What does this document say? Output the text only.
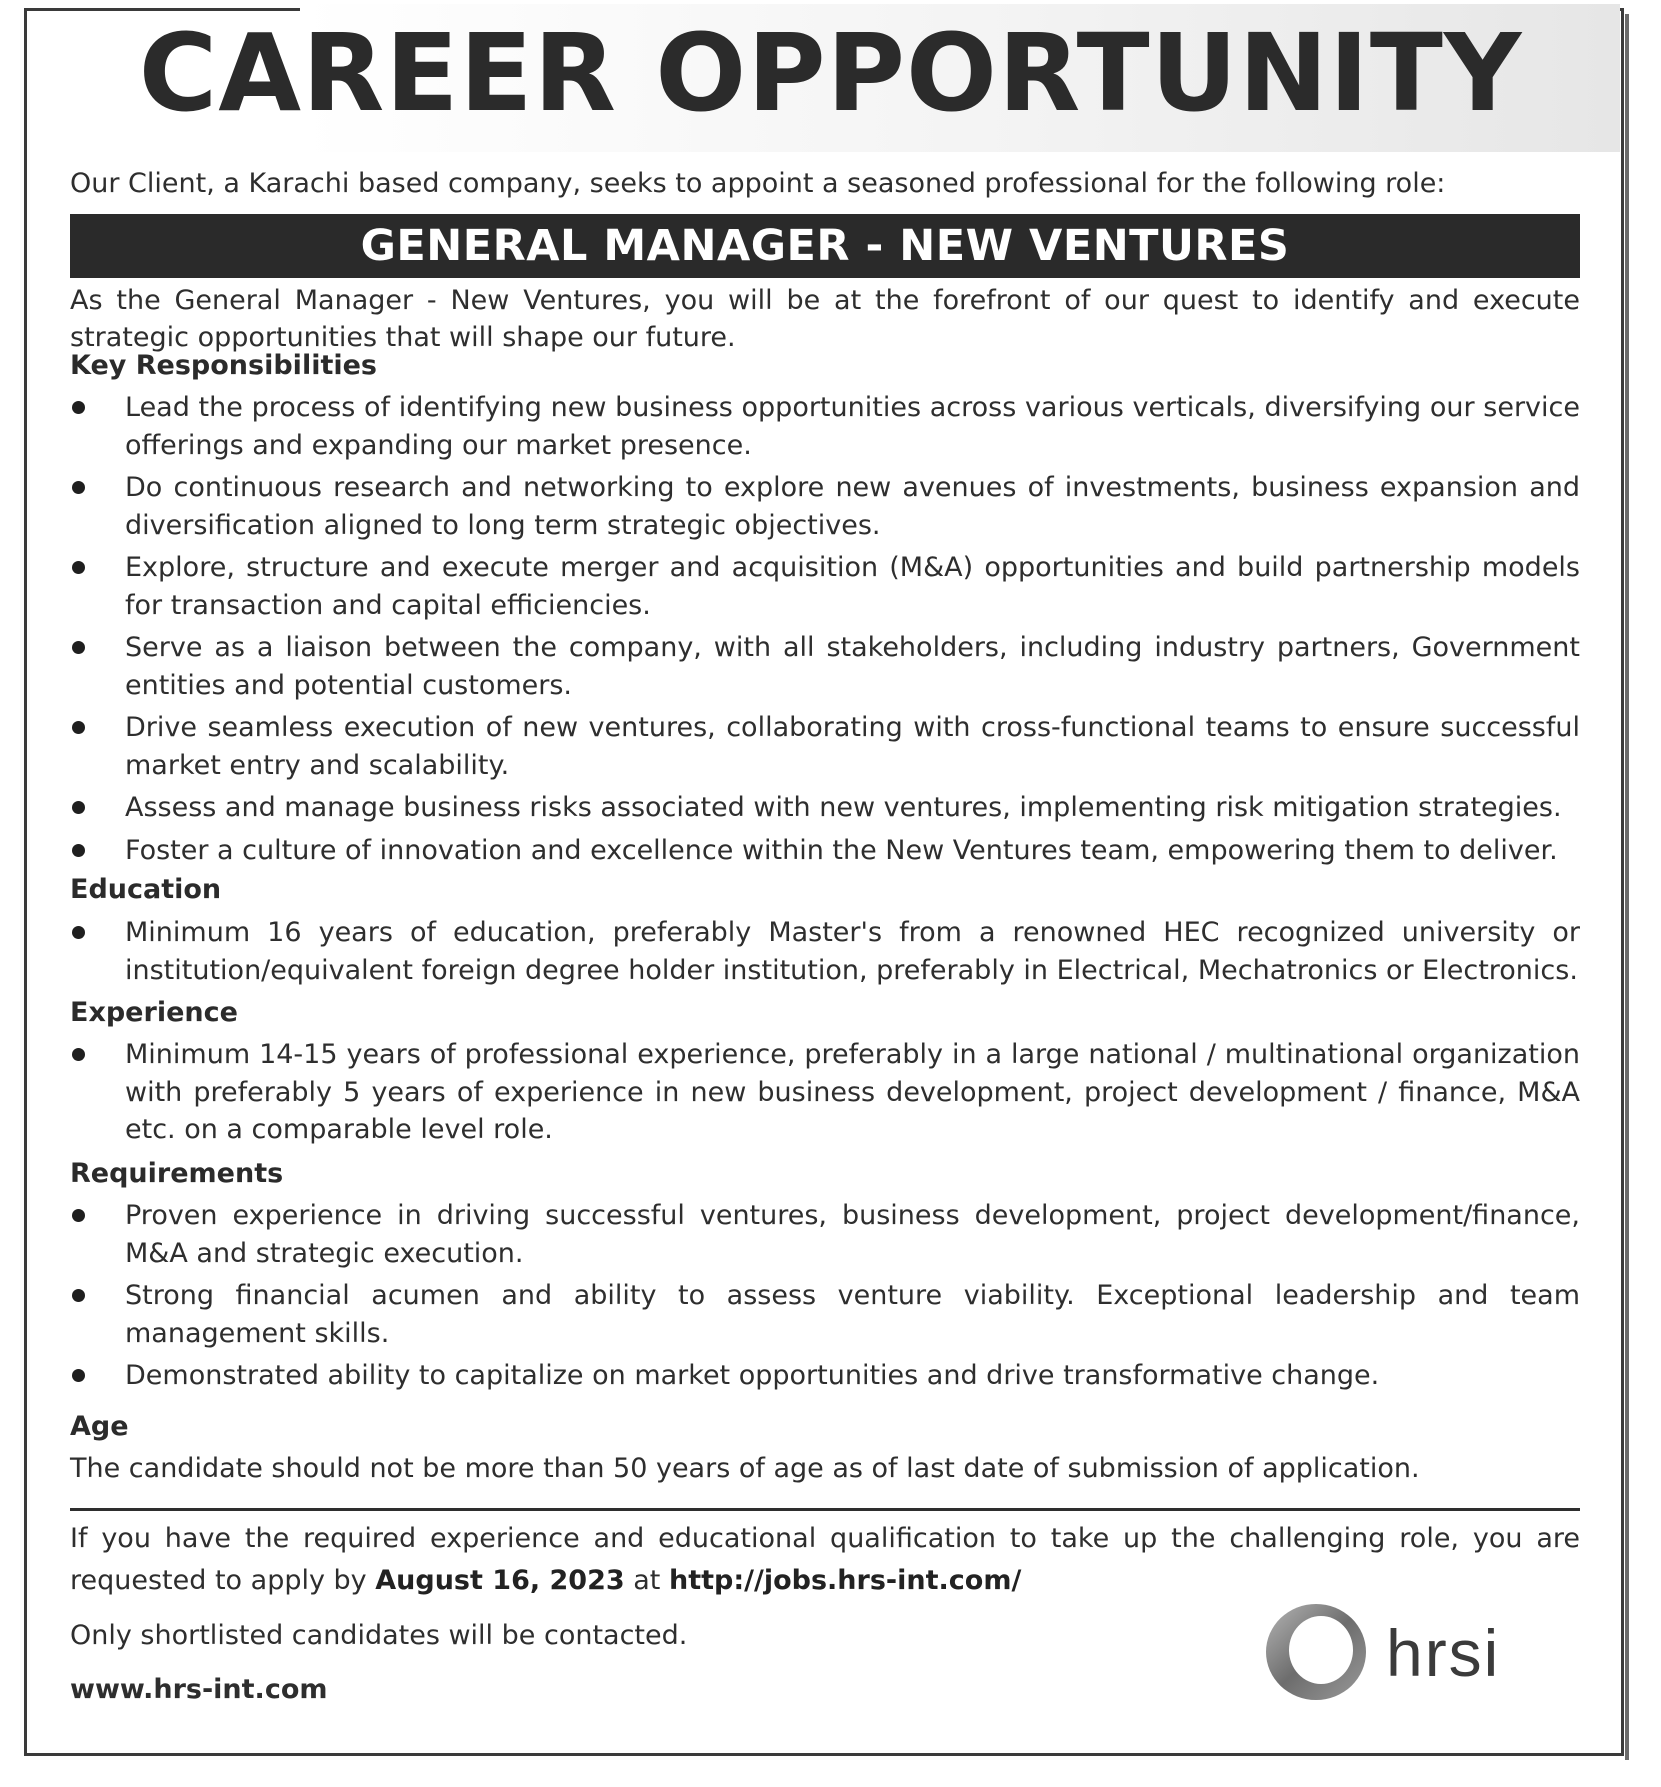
CAREER OPPORTUNITY
Our Client, a Karachi based company, seeks to appoint a seasoned professional for the following role:
GENERAL MANAGER - NEW VENTURES
As the General Manager - New Ventures, you will be at the forefront of our quest to identify and execute strategic opportunities that will shape our future.
Key Responsibilities
Lead the process of identifying new business opportunities across various verticals, diversifying our service offerings and expanding our market presence.
Do continuous research and networking to explore new avenues of investments, business expansion and diversification aligned to long term strategic objectives.
Explore, structure and execute merger and acquisition (M&A) opportunities and build partnership models for transaction and capital efficiencies.
Serve as a liaison between the company, with all stakeholders, including industry partners, Government entities and potential customers.
Drive seamless execution of new ventures, collaborating with cross-functional teams to ensure successful market entry and scalability.
Assess and manage business risks associated with new ventures, implementing risk mitigation strategies.
Foster a culture of innovation and excellence within the New Ventures team, empowering them to deliver.
Education
Minimum 16 years of education, preferably Master's from a renowned HEC recognized university or institution/equivalent foreign degree holder institution, preferably in Electrical, Mechatronics or Electronics.
Experience
Minimum 14-15 years of professional experience, preferably in a large national / multinational organization with preferably 5 years of experience in new business development, project development / finance, M&A etc. on a comparable level role.
Requirements
Proven experience in driving successful ventures, business development, project development/finance, M&A and strategic execution.
Strong financial acumen and ability to assess venture viability. Exceptional leadership and team management skills.
Demonstrated ability to capitalize on market opportunities and drive transformative change.
Age
The candidate should not be more than 50 years of age as of last date of submission of application.
If you have the required experience and educational qualification to take up the challenging role, you are requested to apply by August 16, 2023 at http://jobs.hrs-int.com/
Only shortlisted candidates will be contacted.
www.hrs-int.com	hrsi
